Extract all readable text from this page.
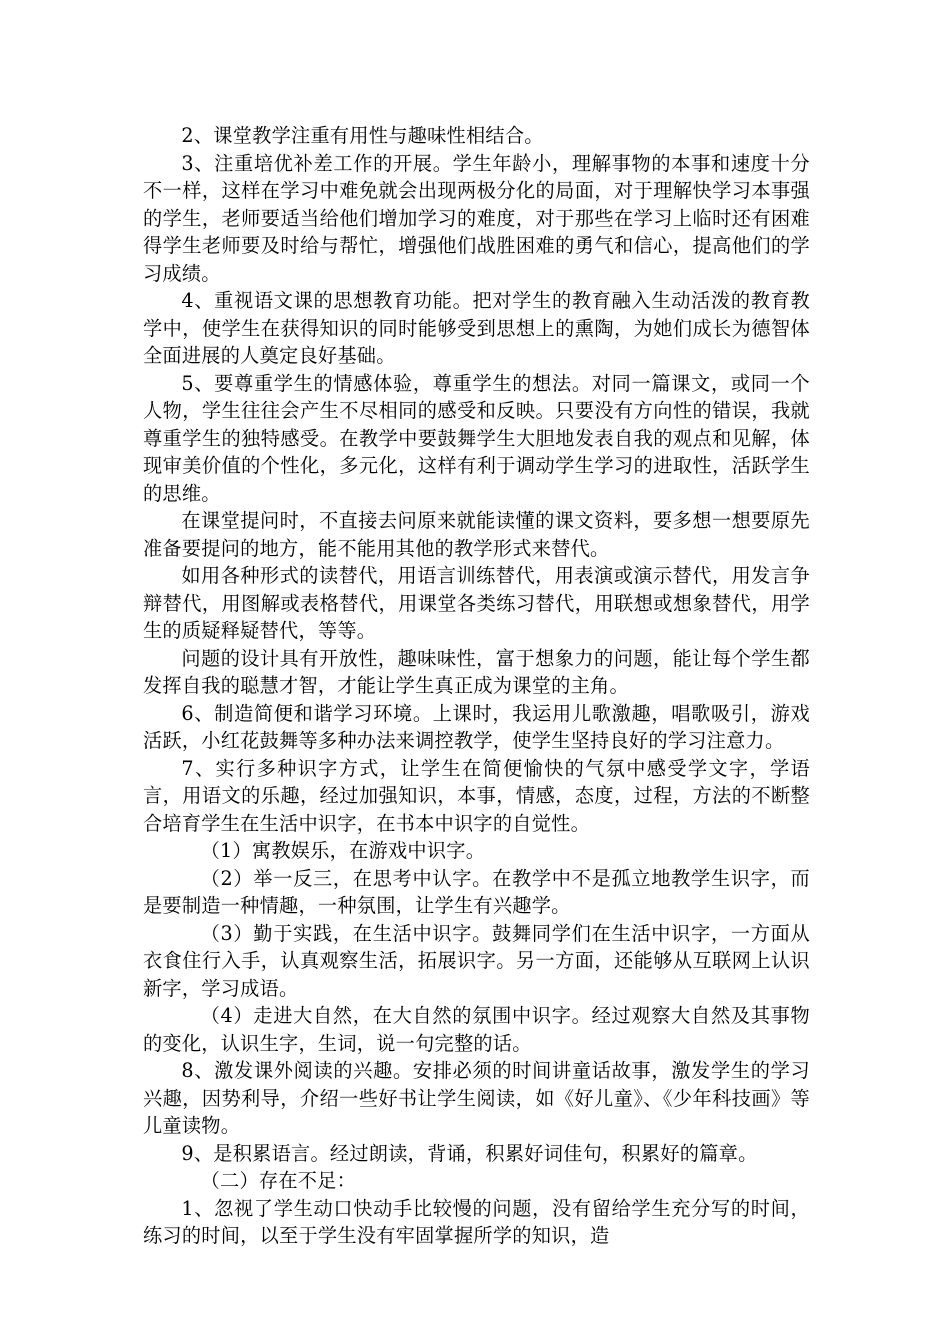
2、课堂教学注重有用性与趣味性相结合。

3、注重培优补差工作的开展。学生年龄小，理解事物的本事和速度十分不一样，这样在学习中难免就会出现两极分化的局面，对于理解快学习本事强的学生，老师要适当给他们增加学习的难度，对于那些在学习上临时还有困难得学生老师要及时给与帮忙，增强他们战胜困难的勇气和信心，提高他们的学习成绩。

4、重视语文课的思想教育功能。把对学生的教育融入生动活泼的教育教学中，使学生在获得知识的同时能够受到思想上的熏陶，为她们成长为德智体全面进展的人奠定良好基础。

5、要尊重学生的情感体验，尊重学生的想法。对同一篇课文，或同一个人物，学生往往会产生不尽相同的感受和反映。只要没有方向性的错误，我就尊重学生的独特感受。在教学中要鼓舞学生大胆地发表自我的观点和见解，体现审美价值的个性化，多元化，这样有利于调动学生学习的进取性，活跃学生的思维。

在课堂提问时，不直接去问原来就能读懂的课文资料，要多想一想要原先准备要提问的地方，能不能用其他的教学形式来替代。

如用各种形式的读替代，用语言训练替代，用表演或演示替代，用发言争辩替代，用图解或表格替代，用课堂各类练习替代，用联想或想象替代，用学生的质疑释疑替代，等等。

问题的设计具有开放性，趣味味性，富于想象力的问题，能让每个学生都发挥自我的聪慧才智，才能让学生真正成为课堂的主角。

6、制造简便和谐学习环境。上课时，我运用儿歌激趣，唱歌吸引，游戏活跃，小红花鼓舞等多种办法来调控教学，使学生坚持良好的学习注意力。

7、实行多种识字方式，让学生在简便愉快的气氛中感受学文字，学语言，用语文的乐趣，经过加强知识，本事，情感，态度，过程，方法的不断整合培育学生在生活中识字，在书本中识字的自觉性。

（1）寓教娱乐，在游戏中识字。

（2）举一反三，在思考中认字。在教学中不是孤立地教学生识字，而是要制造一种情趣，一种氛围，让学生有兴趣学。

（3）勤于实践，在生活中识字。鼓舞同学们在生活中识字，一方面从衣食住行入手，认真观察生活，拓展识字。另一方面，还能够从互联网上认识新字，学习成语。

（4）走进大自然，在大自然的氛围中识字。经过观察大自然及其事物的变化，认识生字，生词，说一句完整的话。

8、激发课外阅读的兴趣。安排必须的时间讲童话故事，激发学生的学习兴趣，因势利导，介绍一些好书让学生阅读，如《好儿童》、《少年科技画》等儿童读物。

9、是积累语言。经过朗读，背诵，积累好词佳句，积累好的篇章。

（二）存在不足：

1、忽视了学生动口快动手比较慢的问题，没有留给学生充分写的时间，练习的时间，以至于学生没有牢固掌握所学的知识，造
